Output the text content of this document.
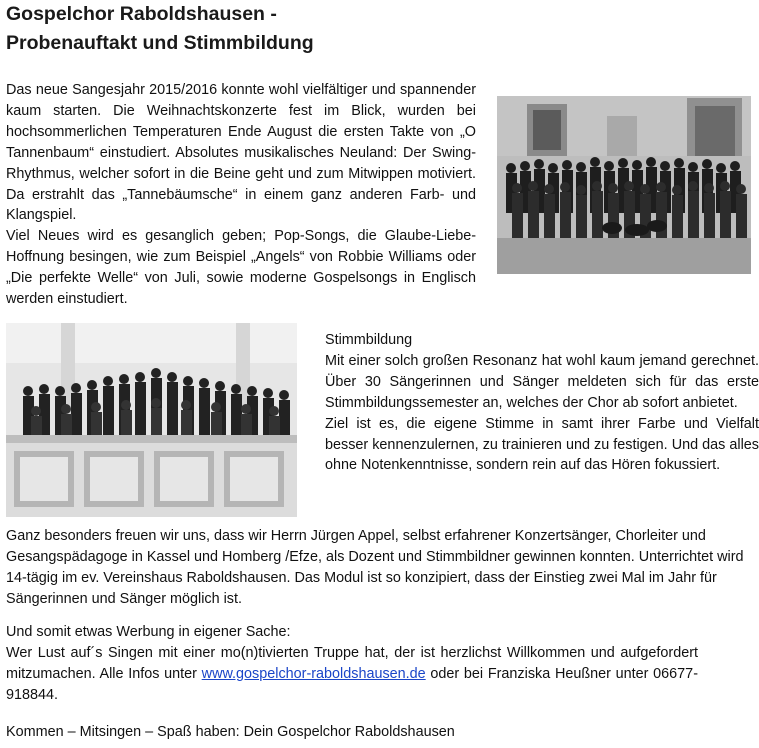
Gospelchor Raboldshausen -
Probenauftakt und Stimmbildung
Das neue Sangesjahr 2015/2016 konnte wohl vielfältiger und spannender kaum starten. Die Weihnachtskonzerte fest im Blick, wurden bei hochsommerlichen Temperaturen Ende August die ersten Takte von „O Tannenbaum“ einstudiert. Absolutes musikalisches Neuland: Der Swing-Rhythmus, welcher sofort in die Beine geht und zum Mitwippen motiviert. Da erstrahlt das „Tannebäumsche“ in einem ganz anderen Farb- und Klangspiel.
Viel Neues wird es gesanglich geben; Pop-Songs, die Glaube-Liebe-Hoffnung besingen, wie zum Beispiel „Angels“ von Robbie Williams oder „Die perfekte Welle“ von Juli, sowie moderne Gospelsongs in Englisch werden einstudiert.
Stimmbildung
Mit einer solch großen Resonanz hat wohl kaum jemand gerechnet. Über 30 Sängerinnen und Sänger meldeten sich für das erste Stimmbildungssemester an, welches der Chor ab sofort anbietet.
Ziel ist es, die eigene Stimme in samt ihrer Farbe und Vielfalt besser kennenzulernen, zu trainieren und zu festigen. Und das alles ohne Notenkenntnisse, sondern rein auf das Hören fokussiert.
Ganz besonders freuen wir uns, dass wir Herrn Jürgen Appel, selbst erfahrener Konzertsänger, Chorleiter und Gesangspädagoge in Kassel und Homberg /Efze, als Dozent und Stimmbildner gewinnen konnten. Unterrichtet wird 14-tägig im ev. Vereinshaus Raboldshausen. Das Modul ist so konzipiert, dass der Einstieg zwei Mal im Jahr für Sängerinnen und Sänger möglich ist.
Und somit etwas Werbung in eigener Sache:
Wer Lust auf´s Singen mit einer mo(n)tivierten Truppe hat, der ist herzlichst Willkommen und aufgefordert mitzumachen. Alle Infos unter www.gospelchor-raboldshausen.de oder bei Franziska Heußner unter 06677-918844.
Kommen – Mitsingen – Spaß haben: Dein Gospelchor Raboldshausen
